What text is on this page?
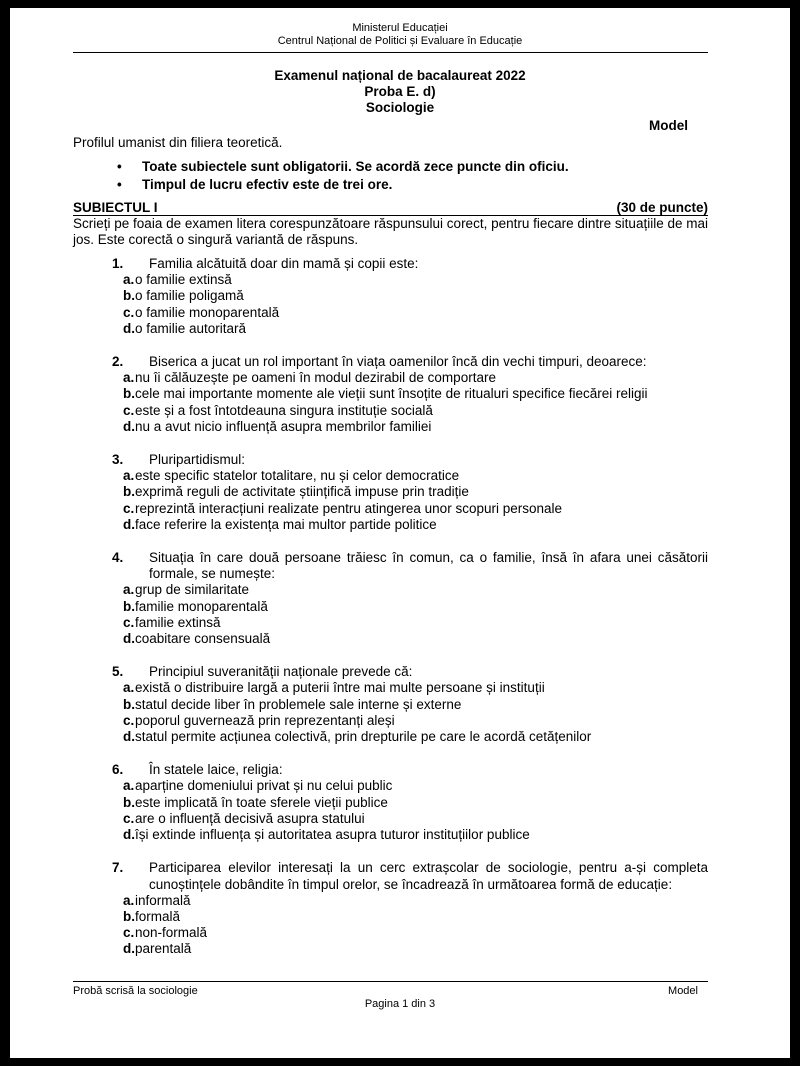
Ministerul Educației
Centrul Național de Politici și Evaluare în Educație
Examenul național de bacalaureat 2022
Proba E. d)
Sociologie
Model
Profilul umanist din filiera teoretică.
• Toate subiectele sunt obligatorii. Se acordă zece puncte din oficiu.
• Timpul de lucru efectiv este de trei ore.
SUBIECTUL I	(30 de puncte)
Scrieți pe foaia de examen litera corespunzătoare răspunsului corect, pentru fiecare dintre situațiile de mai jos. Este corectă o singură variantă de răspuns.
1. Familia alcătuită doar din mamă și copii este:
a. o familie extinsă
b. o familie poligamă
c. o familie monoparentală
d. o familie autoritară
2. Biserica a jucat un rol important în viața oamenilor încă din vechi timpuri, deoarece:
a. nu îi călăuzește pe oameni în modul dezirabil de comportare
b. cele mai importante momente ale vieții sunt însoțite de ritualuri specifice fiecărei religii
c. este și a fost întotdeauna singura instituție socială
d. nu a avut nicio influență asupra membrilor familiei
3. Pluripartidismul:
a. este specific statelor totalitare, nu și celor democratice
b. exprimă reguli de activitate științifică impuse prin tradiție
c. reprezintă interacțiuni realizate pentru atingerea unor scopuri personale
d. face referire la existența mai multor partide politice
4. Situația în care două persoane trăiesc în comun, ca o familie, însă în afara unei căsătorii formale, se numește:
a. grup de similaritate
b. familie monoparentală
c. familie extinsă
d. coabitare consensuală
5. Principiul suveranității naționale prevede că:
a. există o distribuire largă a puterii între mai multe persoane și instituții
b. statul decide liber în problemele sale interne și externe
c. poporul guvernează prin reprezentanți aleși
d. statul permite acțiunea colectivă, prin drepturile pe care le acordă cetățenilor
6. În statele laice, religia:
a. aparține domeniului privat și nu celui public
b. este implicată în toate sferele vieții publice
c. are o influență decisivă asupra statului
d. își extinde influența și autoritatea asupra tuturor instituțiilor publice
7. Participarea elevilor interesați la un cerc extrașcolar de sociologie, pentru a-și completa cunoștințele dobândite în timpul orelor, se încadrează în următoarea formă de educație:
a. informală
b. formală
c. non-formală
d. parentală
Probă scrisă la sociologie	Model
Pagina 1 din 3
